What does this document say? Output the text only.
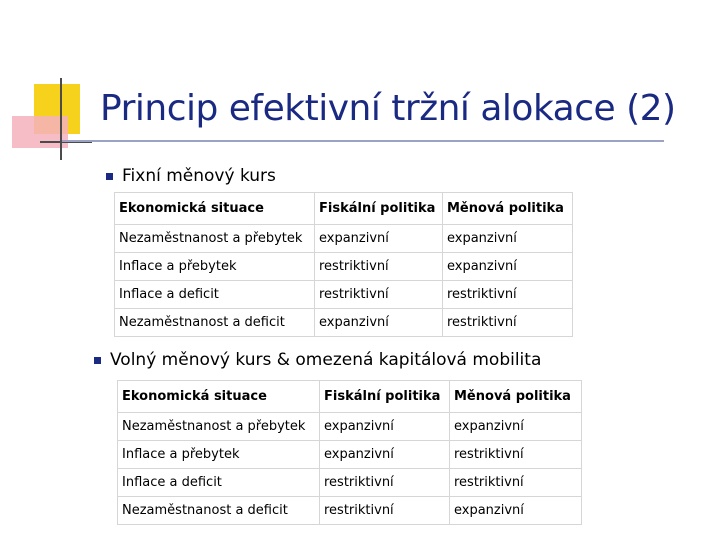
Princip efektivní tržní alokace (2)
Fixní měnový kurs
Ekonomická situace	Fiskální politika	Měnová politika
Nezaměstnanost a přebytek	expanzivní	expanzivní
Inflace a přebytek	restriktivní	expanzivní
Inflace a deficit	restriktivní	restriktivní
Nezaměstnanost a deficit	expanzivní	restriktivní
Volný měnový kurs & omezená kapitálová mobilita
Ekonomická situace	Fiskální politika	Měnová politika
Nezaměstnanost a přebytek	expanzivní	expanzivní
Inflace a přebytek	expanzivní	restriktivní
Inflace a deficit	restriktivní	restriktivní
Nezaměstnanost a deficit	restriktivní	expanzivní
